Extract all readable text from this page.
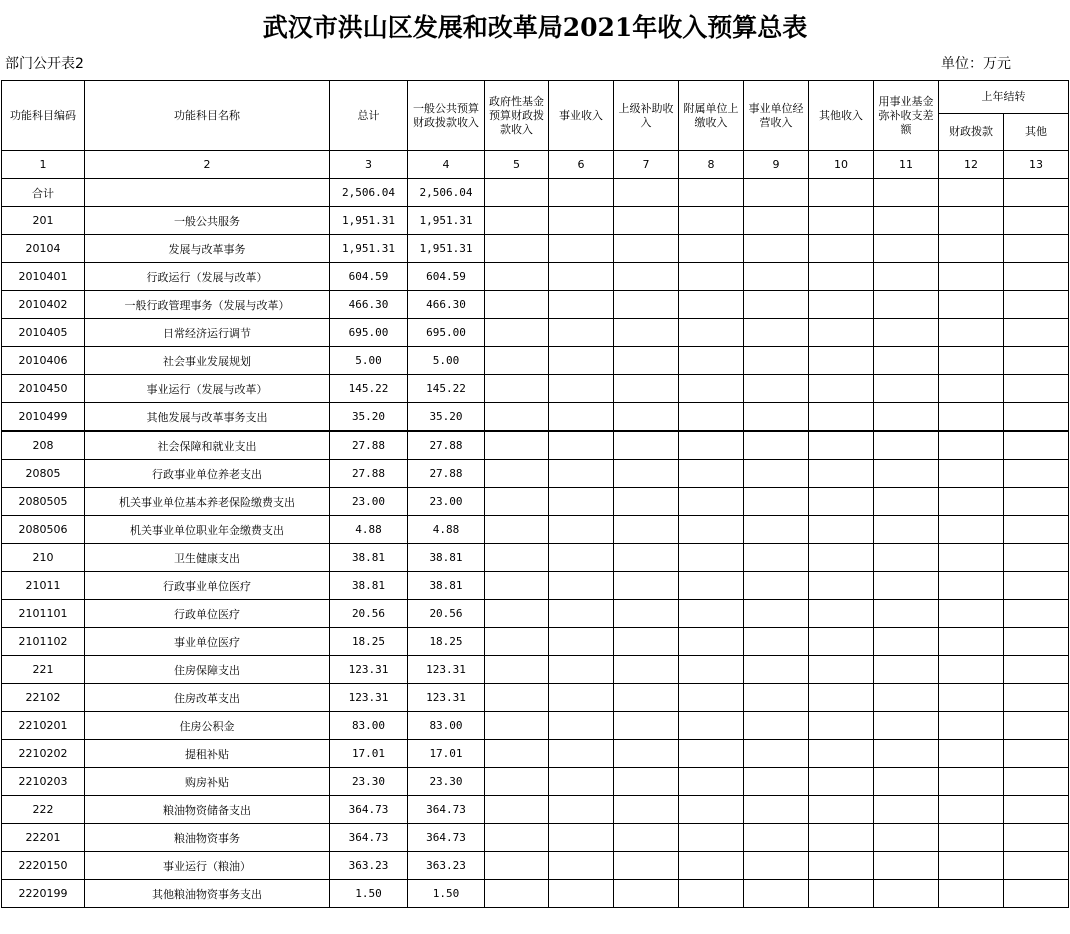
武汉市洪山区发展和改革局2021年收入预算总表
部门公开表2	单位：万元
功能科目编码	功能科目名称	总计	一般公共预算财政拨款收入	政府性基金预算财政拨款收入	事业收入	上级补助收入	附属单位上缴收入	事业单位经营收入	其他收入	用事业基金弥补收支差额	上年结转	
											财政拨款	其他
1	2	3	4	5	6	7	8	9	10	11	12	13
合计		2,506.04	2,506.04									
201	一般公共服务	1,951.31	1,951.31									
20104	发展与改革事务	1,951.31	1,951.31									
2010401	行政运行（发展与改革）	604.59	604.59									
2010402	一般行政管理事务（发展与改革）	466.30	466.30									
2010405	日常经济运行调节	695.00	695.00									
2010406	社会事业发展规划	5.00	5.00									
2010450	事业运行（发展与改革）	145.22	145.22									
2010499	其他发展与改革事务支出	35.20	35.20									
208	社会保障和就业支出	27.88	27.88									
20805	行政事业单位养老支出	27.88	27.88									
2080505	机关事业单位基本养老保险缴费支出	23.00	23.00									
2080506	机关事业单位职业年金缴费支出	4.88	4.88									
210	卫生健康支出	38.81	38.81									
21011	行政事业单位医疗	38.81	38.81									
2101101	行政单位医疗	20.56	20.56									
2101102	事业单位医疗	18.25	18.25									
221	住房保障支出	123.31	123.31									
22102	住房改革支出	123.31	123.31									
2210201	住房公积金	83.00	83.00									
2210202	提租补贴	17.01	17.01									
2210203	购房补贴	23.30	23.30									
222	粮油物资储备支出	364.73	364.73									
22201	粮油物资事务	364.73	364.73									
2220150	事业运行（粮油）	363.23	363.23									
2220199	其他粮油物资事务支出	1.50	1.50									
